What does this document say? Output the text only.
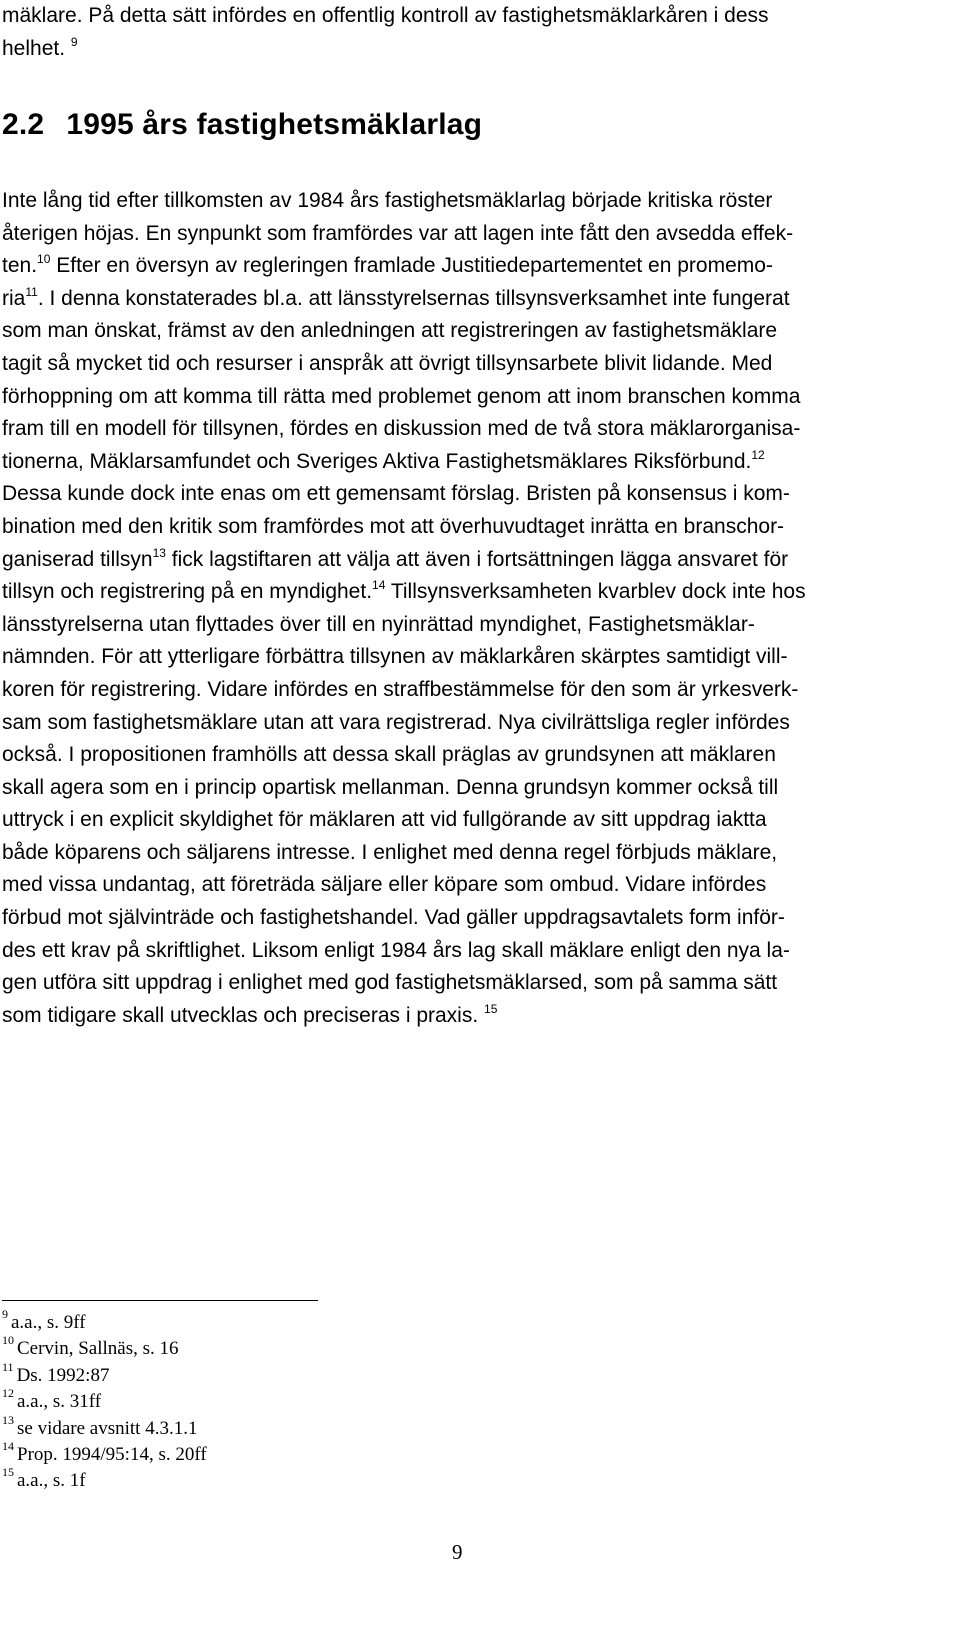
mäklare. På detta sätt infördes en offentlig kontroll av fastighetsmäklarkåren i dess
helhet. $^9$
2.2 1995 års fastighetsmäklarlag
Inte lång tid efter tillkomsten av 1984 års fastighetsmäklarlag började kritiska röster
återigen höjas. En synpunkt som framfördes var att lagen inte fått den avsedda effek-
ten.$^{10}$ Efter en översyn av regleringen framlade Justitiedepartementet en promemo-
ria$^{11}$. I denna konstaterades bl.a. att länsstyrelsernas tillsynsverksamhet inte fungerat
som man önskat, främst av den anledningen att registreringen av fastighetsmäklare
tagit så mycket tid och resurser i anspråk att övrigt tillsynsarbete blivit lidande. Med
förhoppning om att komma till rätta med problemet genom att inom branschen komma
fram till en modell för tillsynen, fördes en diskussion med de två stora mäklarorganisa-
tionerna, Mäklarsamfundet och Sveriges Aktiva Fastighetsmäklares Riksförbund.$^{12}$
Dessa kunde dock inte enas om ett gemensamt förslag. Bristen på konsensus i kom-
bination med den kritik som framfördes mot att överhuvudtaget inrätta en branschor-
ganiserad tillsyn$^{13}$ fick lagstiftaren att välja att även i fortsättningen lägga ansvaret för
tillsyn och registrering på en myndighet.$^{14}$ Tillsynsverksamheten kvarblev dock inte hos
länsstyrelserna utan flyttades över till en nyinrättad myndighet, Fastighetsmäklar-
nämnden. För att ytterligare förbättra tillsynen av mäklarkåren skärptes samtidigt vill-
koren för registrering. Vidare infördes en straffbestämmelse för den som är yrkesverk-
sam som fastighetsmäklare utan att vara registrerad. Nya civilrättsliga regler infördes
också. I propositionen framhölls att dessa skall präglas av grundsynen att mäklaren
skall agera som en i princip opartisk mellanman. Denna grundsyn kommer också till
uttryck i en explicit skyldighet för mäklaren att vid fullgörande av sitt uppdrag iaktta
både köparens och säljarens intresse. I enlighet med denna regel förbjuds mäklare,
med vissa undantag, att företräda säljare eller köpare som ombud. Vidare infördes
förbud mot självinträde och fastighetshandel. Vad gäller uppdragsavtalets form inför-
des ett krav på skriftlighet. Liksom enligt 1984 års lag skall mäklare enligt den nya la-
gen utföra sitt uppdrag i enlighet med god fastighetsmäklarsed, som på samma sätt
som tidigare skall utvecklas och preciseras i praxis. $^{15}$
$^9$ a.a., s. 9ff
$^{10}$ Cervin, Sallnäs, s. 16
$^{11}$ Ds. 1992:87
$^{12}$ a.a., s. 31ff
$^{13}$ se vidare avsnitt 4.3.1.1
$^{14}$ Prop. 1994/95:14, s. 20ff
$^{15}$ a.a., s. 1f
9
